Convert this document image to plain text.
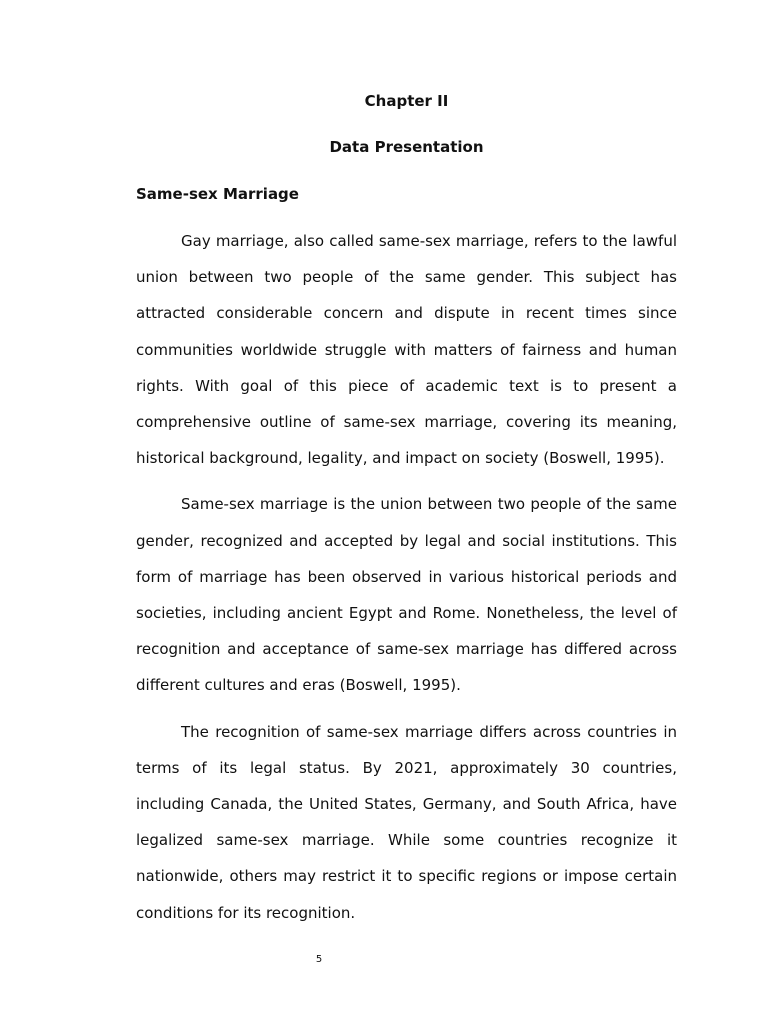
Chapter II
Data Presentation
Same-sex Marriage

Gay marriage, also called same-sex marriage, refers to the lawful union between two people of the same gender. This subject has attracted considerable concern and dispute in recent times since communities worldwide struggle with matters of fairness and human rights. With goal of this piece of academic text is to present a comprehensive outline of same-sex marriage, covering its meaning, historical background, legality, and impact on society (Boswell, 1995).

Same-sex marriage is the union between two people of the same gender, recognized and accepted by legal and social institutions. This form of marriage has been observed in various historical periods and societies, including ancient Egypt and Rome. Nonetheless, the level of recognition and acceptance of same-sex marriage has differed across different cultures and eras (Boswell, 1995).

The recognition of same-sex marriage differs across countries in terms of its legal status. By 2021, approximately 30 countries, including Canada, the United States, Germany, and South Africa, have legalized same-sex marriage. While some countries recognize it nationwide, others may restrict it to specific regions or impose certain conditions for its recognition.

5
